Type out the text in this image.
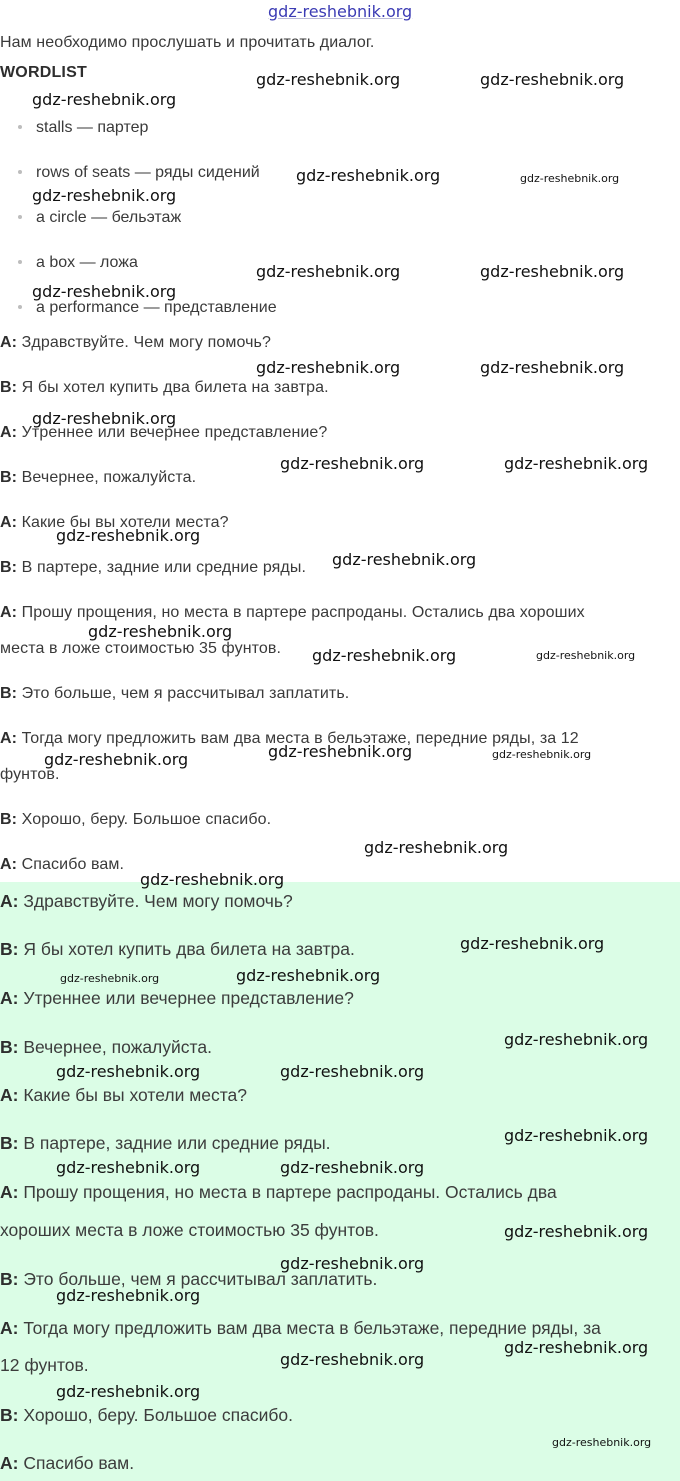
gdz-reshebnik.org
Нам необходимо прослушать и прочитать диалог.
WORDLIST
stalls — партер
rows of seats — ряды сидений
a circle — бельэтаж
a box — ложа
a performance — представление
A: Здравствуйте. Чем могу помочь?
B: Я бы хотел купить два билета на завтра.
A: Утреннее или вечернее представление?
B: Вечернее, пожалуйста.
A: Какие бы вы хотели места?
B: В партере, задние или средние ряды.
A: Прошу прощения, но места в партере распроданы. Остались два хороших
места в ложе стоимостью 35 фунтов.
B: Это больше, чем я рассчитывал заплатить.
A: Тогда могу предложить вам два места в бельэтаже, передние ряды, за 12
фунтов.
B: Хорошо, беру. Большое спасибо.
A: Спасибо вам.
A: Здравствуйте. Чем могу помочь?
B: Я бы хотел купить два билета на завтра.
A: Утреннее или вечернее представление?
B: Вечернее, пожалуйста.
A: Какие бы вы хотели места?
B: В партере, задние или средние ряды.
A: Прошу прощения, но места в партере распроданы. Остались два
хороших места в ложе стоимостью 35 фунтов.
B: Это больше, чем я рассчитывал заплатить.
A: Тогда могу предложить вам два места в бельэтаже, передние ряды, за
12 фунтов.
B: Хорошо, беру. Большое спасибо.
A: Спасибо вам.
gdz-reshebnik.org	gdz-reshebnik.org
gdz-reshebnik.org
gdz-reshebnik.org	gdz-reshebnik.org
gdz-reshebnik.org
gdz-reshebnik.org	gdz-reshebnik.org
gdz-reshebnik.org
gdz-reshebnik.org	gdz-reshebnik.org
gdz-reshebnik.org
gdz-reshebnik.org	gdz-reshebnik.org
gdz-reshebnik.org
gdz-reshebnik.org
gdz-reshebnik.org
gdz-reshebnik.org	gdz-reshebnik.org
gdz-reshebnik.org	gdz-reshebnik.org
gdz-reshebnik.org
gdz-reshebnik.org
gdz-reshebnik.org
gdz-reshebnik.org
gdz-reshebnik.org
gdz-reshebnik.org
gdz-reshebnik.org
gdz-reshebnik.org	gdz-reshebnik.org
gdz-reshebnik.org
gdz-reshebnik.org	gdz-reshebnik.org
gdz-reshebnik.org
gdz-reshebnik.org
gdz-reshebnik.org
gdz-reshebnik.org
gdz-reshebnik.org
gdz-reshebnik.org
gdz-reshebnik.org
